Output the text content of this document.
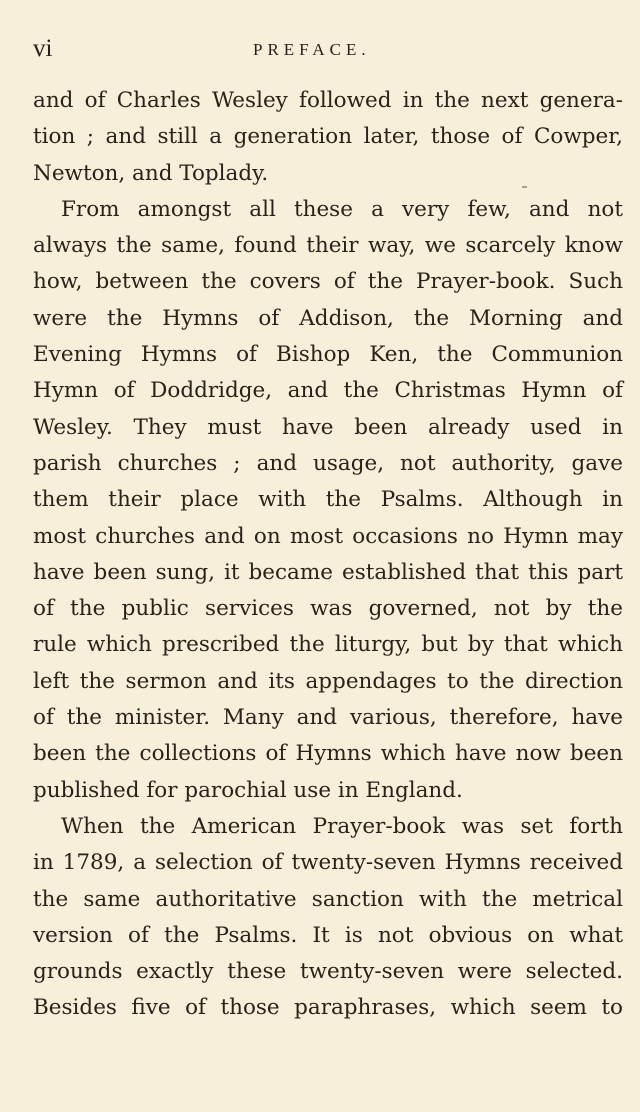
vi	PREFACE.
and of Charles Wesley followed in the next genera-
tion ; and still a generation later, those of Cowper,
Newton, and Toplady.
From amongst all these a very few, and not
always the same, found their way, we scarcely know
how, between the covers of the Prayer-book. Such
were the Hymns of Addison, the Morning and
Evening Hymns of Bishop Ken, the Communion
Hymn of Doddridge, and the Christmas Hymn of
Wesley. They must have been already used in
parish churches ; and usage, not authority, gave
them their place with the Psalms. Although in
most churches and on most occasions no Hymn may
have been sung, it became established that this part
of the public services was governed, not by the
rule which prescribed the liturgy, but by that which
left the sermon and its appendages to the direction
of the minister. Many and various, therefore, have
been the collections of Hymns which have now been
published for parochial use in England.
When the American Prayer-book was set forth
in 1789, a selection of twenty-seven Hymns received
the same authoritative sanction with the metrical
version of the Psalms. It is not obvious on what
grounds exactly these twenty-seven were selected.
Besides five of those paraphrases, which seem to
